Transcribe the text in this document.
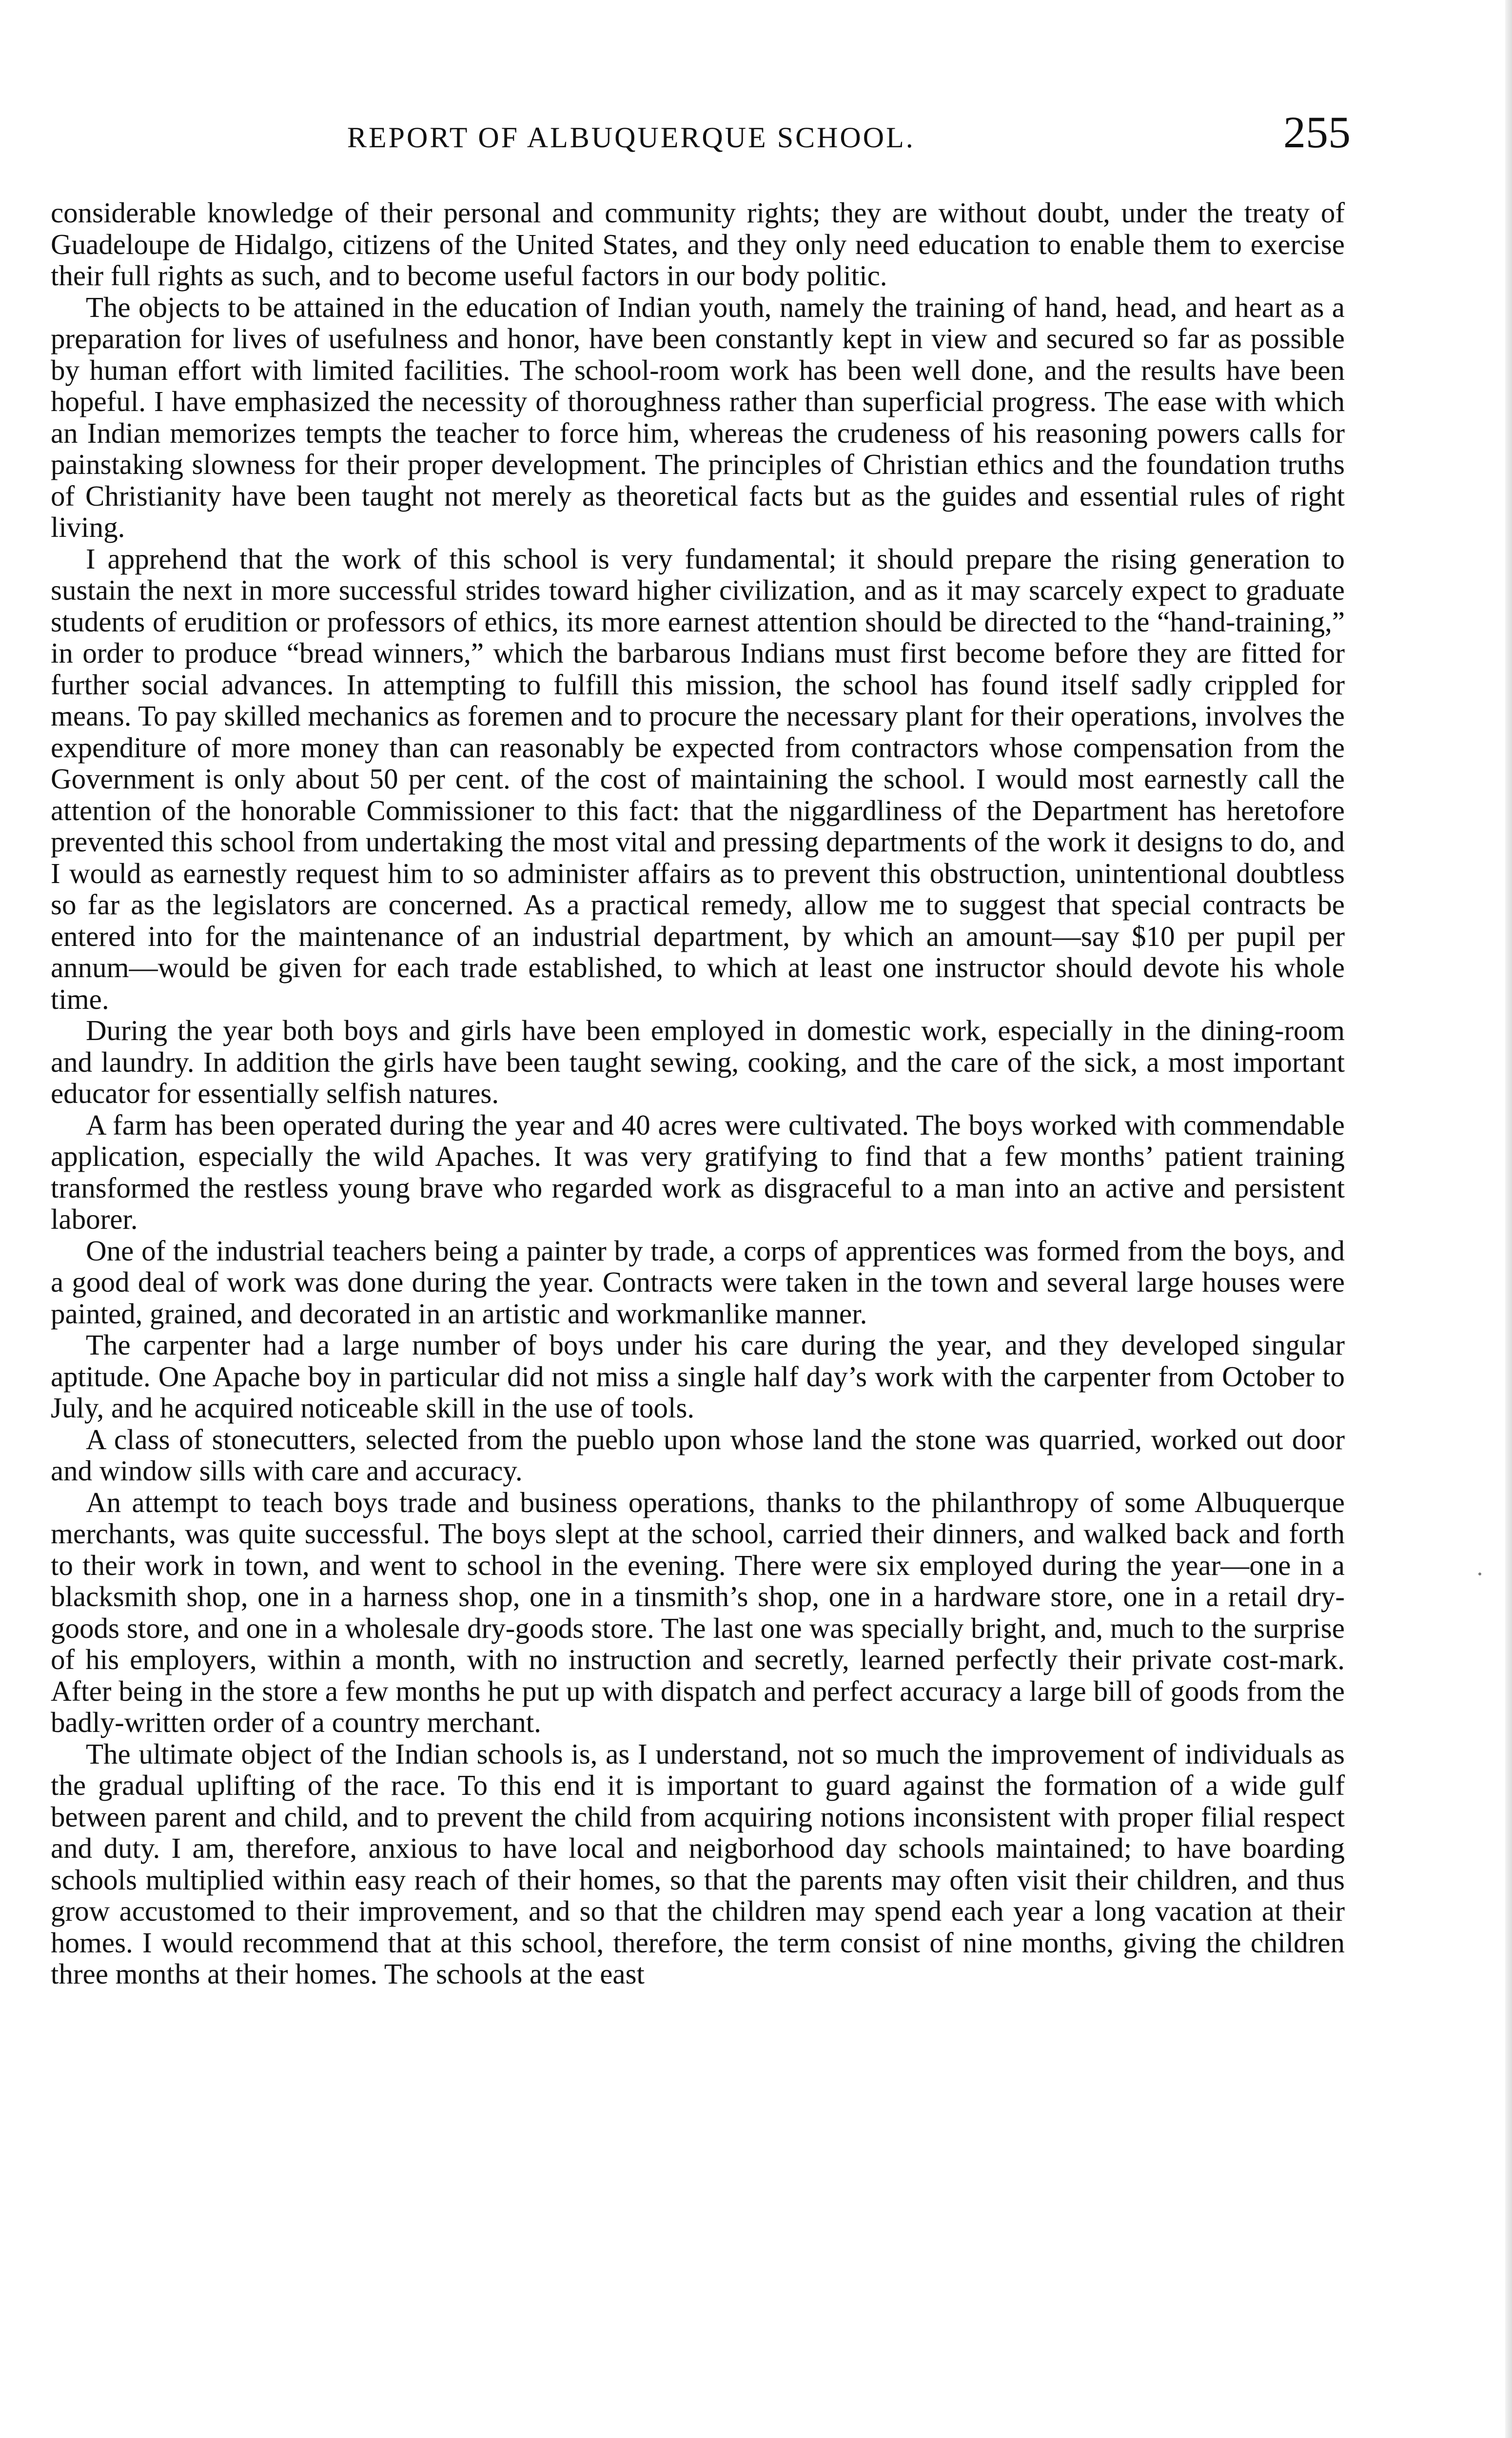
REPORT OF ALBUQUERQUE SCHOOL.	255

considerable knowledge of their personal and community rights; they are without doubt, under the treaty of Guadeloupe de Hidalgo, citizens of the United States, and they only need education to enable them to exercise their full rights as such, and to become useful factors in our body politic.

The objects to be attained in the education of Indian youth, namely the training of hand, head, and heart as a preparation for lives of usefulness and honor, have been constantly kept in view and secured so far as possible by human effort with limited facilities. The school-room work has been well done, and the results have been hopeful. I have emphasized the necessity of thoroughness rather than superficial progress. The ease with which an Indian memorizes tempts the teacher to force him, whereas the crudeness of his reasoning powers calls for painstaking slowness for their proper development. The principles of Christian ethics and the foundation truths of Christianity have been taught not merely as theoretical facts but as the guides and essential rules of right living.

I apprehend that the work of this school is very fundamental; it should prepare the rising generation to sustain the next in more successful strides toward higher civilization, and as it may scarcely expect to graduate students of erudition or professors of ethics, its more earnest attention should be directed to the “hand-training,” in order to produce “bread winners,” which the barbarous Indians must first become before they are fitted for further social advances. In attempting to fulfill this mission, the school has found itself sadly crippled for means. To pay skilled mechanics as foremen and to procure the necessary plant for their operations, involves the expenditure of more money than can reasonably be expected from contractors whose compensation from the Government is only about 50 per cent. of the cost of maintaining the school. I would most earnestly call the attention of the honorable Commissioner to this fact: that the niggardliness of the Department has heretofore prevented this school from undertaking the most vital and pressing departments of the work it designs to do, and I would as earnestly request him to so administer affairs as to prevent this obstruction, unintentional doubtless so far as the legislators are concerned. As a practical remedy, allow me to suggest that special contracts be entered into for the maintenance of an industrial department, by which an amount—say $10 per pupil per annum—would be given for each trade established, to which at least one instructor should devote his whole time.

During the year both boys and girls have been employed in domestic work, especially in the dining-room and laundry. In addition the girls have been taught sewing, cooking, and the care of the sick, a most important educator for essentially selfish natures.

A farm has been operated during the year and 40 acres were cultivated. The boys worked with commendable application, especially the wild Apaches. It was very gratifying to find that a few months’ patient training transformed the restless young brave who regarded work as disgraceful to a man into an active and persistent laborer.

One of the industrial teachers being a painter by trade, a corps of apprentices was formed from the boys, and a good deal of work was done during the year. Contracts were taken in the town and several large houses were painted, grained, and decorated in an artistic and workmanlike manner.

The carpenter had a large number of boys under his care during the year, and they developed singular aptitude. One Apache boy in particular did not miss a single half day’s work with the carpenter from October to July, and he acquired noticeable skill in the use of tools.

A class of stonecutters, selected from the pueblo upon whose land the stone was quarried, worked out door and window sills with care and accuracy.

An attempt to teach boys trade and business operations, thanks to the philanthropy of some Albuquerque merchants, was quite successful. The boys slept at the school, carried their dinners, and walked back and forth to their work in town, and went to school in the evening. There were six employed during the year—one in a blacksmith shop, one in a harness shop, one in a tinsmith’s shop, one in a hardware store, one in a retail dry-goods store, and one in a wholesale dry-goods store. The last one was specially bright, and, much to the surprise of his employers, within a month, with no instruction and secretly, learned perfectly their private cost-mark. After being in the store a few months he put up with dispatch and perfect accuracy a large bill of goods from the badly-written order of a country merchant.

The ultimate object of the Indian schools is, as I understand, not so much the improvement of individuals as the gradual uplifting of the race. To this end it is important to guard against the formation of a wide gulf between parent and child, and to prevent the child from acquiring notions inconsistent with proper filial respect and duty. I am, therefore, anxious to have local and neigborhood day schools maintained; to have boarding schools multiplied within easy reach of their homes, so that the parents may often visit their children, and thus grow accustomed to their improvement, and so that the children may spend each year a long vacation at their homes. I would recommend that at this school, therefore, the term consist of nine months, giving the children three months at their homes. The schools at the east
